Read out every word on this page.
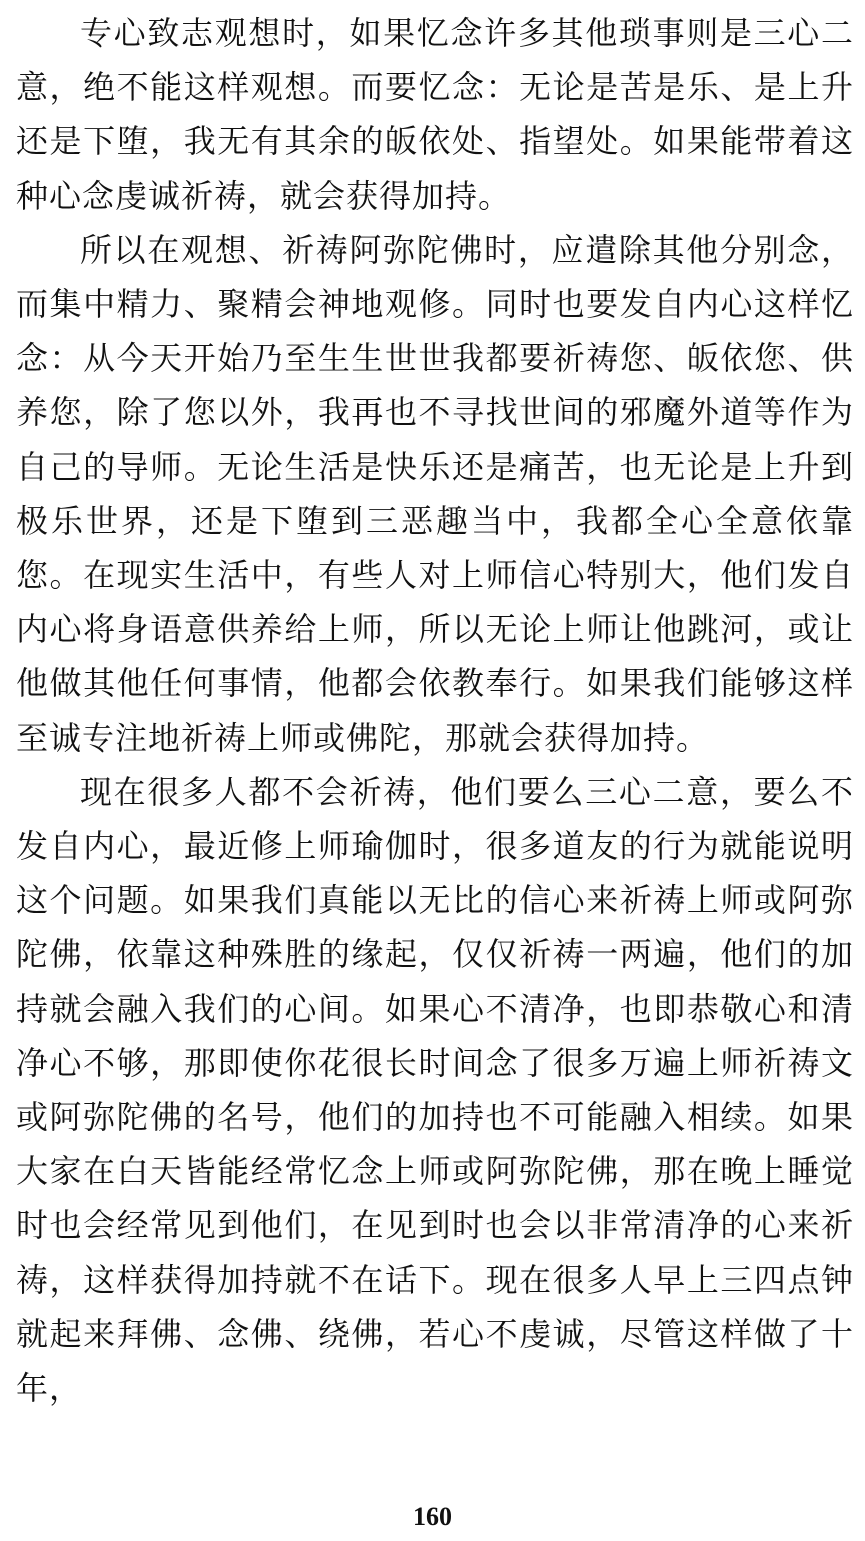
专心致志观想时，如果忆念许多其他琐事则是三心二意，绝不能这样观想。而要忆念：无论是苦是乐、是上升还是下堕，我无有其余的皈依处、指望处。如果能带着这种心念虔诚祈祷，就会获得加持。

所以在观想、祈祷阿弥陀佛时，应遣除其他分别念，而集中精力、聚精会神地观修。同时也要发自内心这样忆念：从今天开始乃至生生世世我都要祈祷您、皈依您、供养您，除了您以外，我再也不寻找世间的邪魔外道等作为自己的导师。无论生活是快乐还是痛苦，也无论是上升到极乐世界，还是下堕到三恶趣当中，我都全心全意依靠您。在现实生活中，有些人对上师信心特别大，他们发自内心将身语意供养给上师，所以无论上师让他跳河，或让他做其他任何事情，他都会依教奉行。如果我们能够这样至诚专注地祈祷上师或佛陀，那就会获得加持。

现在很多人都不会祈祷，他们要么三心二意，要么不发自内心，最近修上师瑜伽时，很多道友的行为就能说明这个问题。如果我们真能以无比的信心来祈祷上师或阿弥陀佛，依靠这种殊胜的缘起，仅仅祈祷一两遍，他们的加持就会融入我们的心间。如果心不清净，也即恭敬心和清净心不够，那即使你花很长时间念了很多万遍上师祈祷文或阿弥陀佛的名号，他们的加持也不可能融入相续。如果大家在白天皆能经常忆念上师或阿弥陀佛，那在晚上睡觉时也会经常见到他们，在见到时也会以非常清净的心来祈祷，这样获得加持就不在话下。现在很多人早上三四点钟就起来拜佛、念佛、绕佛，若心不虔诚，尽管这样做了十年，

160
